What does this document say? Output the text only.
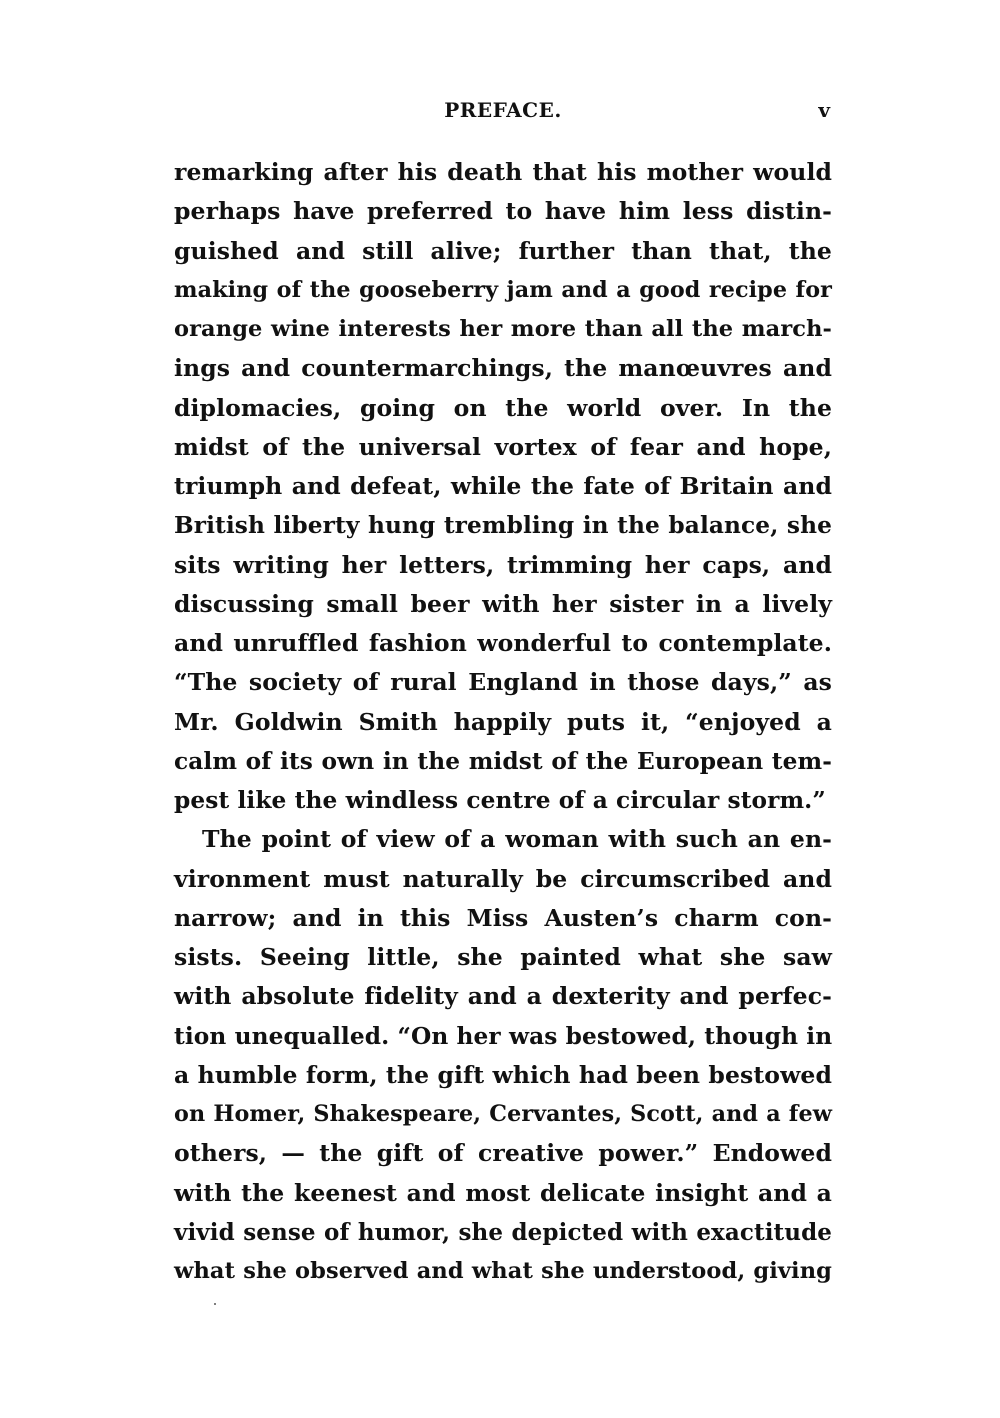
PREFACE.	v
remarking after his death that his mother would
perhaps have preferred to have him less distin-
guished and still alive; further than that, the
making of the gooseberry jam and a good recipe for
orange wine interests her more than all the march-
ings and countermarchings, the manœuvres and
diplomacies, going on the world over. In the
midst of the universal vortex of fear and hope,
triumph and defeat, while the fate of Britain and
British liberty hung trembling in the balance, she
sits writing her letters, trimming her caps, and
discussing small beer with her sister in a lively
and unruffled fashion wonderful to contemplate.
“The society of rural England in those days,” as
Mr. Goldwin Smith happily puts it, “enjoyed a
calm of its own in the midst of the European tem-
pest like the windless centre of a circular storm.”
The point of view of a woman with such an en-
vironment must naturally be circumscribed and
narrow; and in this Miss Austen’s charm con-
sists. Seeing little, she painted what she saw
with absolute fidelity and a dexterity and perfec-
tion unequalled. “On her was bestowed, though in
a humble form, the gift which had been bestowed
on Homer, Shakespeare, Cervantes, Scott, and a few
others, — the gift of creative power.” Endowed
with the keenest and most delicate insight and a
vivid sense of humor, she depicted with exactitude
what she observed and what she understood, giving
